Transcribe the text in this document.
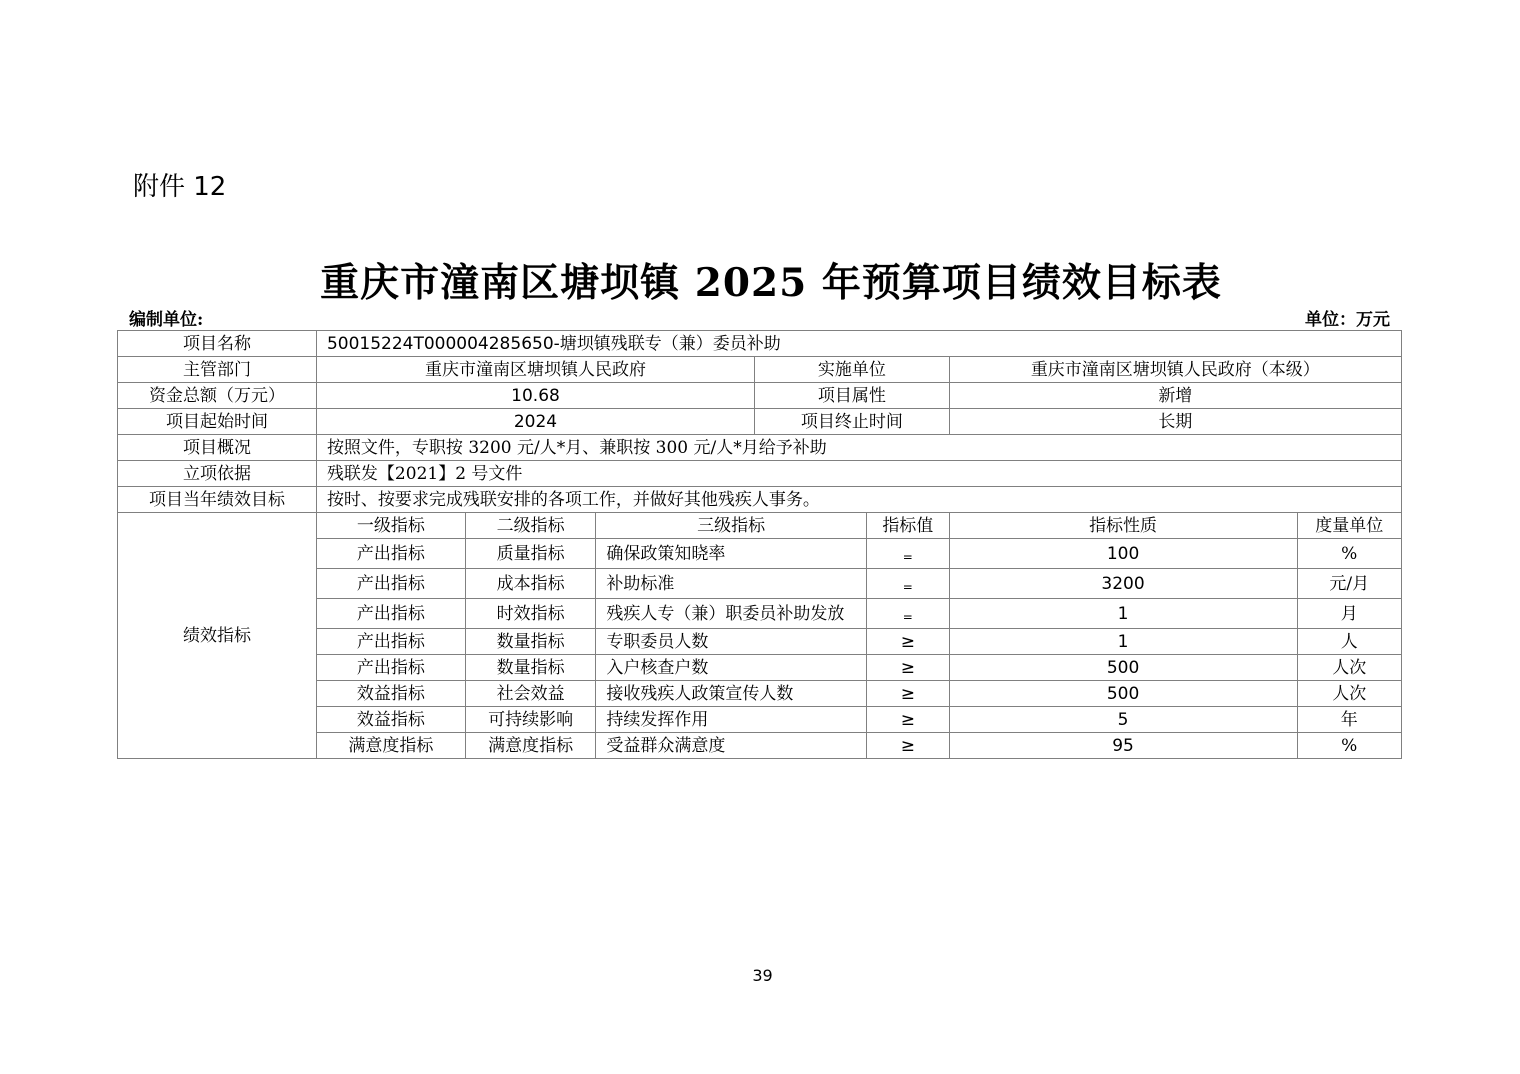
附件 12
重庆市潼南区塘坝镇 2025 年预算项目绩效目标表
编制单位:	单位：万元
项目名称	50015224T000004285650-塘坝镇残联专（兼）委员补助						
主管部门	重庆市潼南区塘坝镇人民政府			实施单位		重庆市潼南区塘坝镇人民政府（本级）	
资金总额（万元）	10.68			项目属性		新增	
项目起始时间	2024			项目终止时间		长期	
项目概况	按照文件，专职按 3200 元/人*月、兼职按 300 元/人*月给予补助						
立项依据	残联发【2021】2 号文件						
项目当年绩效目标	按时、按要求完成残联安排的各项工作，并做好其他残疾人事务。						
绩效指标	一级指标	二级指标	三级指标		指标值	指标性质	度量单位
	产出指标	质量指标	确保政策知晓率		$_=$	100	%
	产出指标	成本指标	补助标准		$_=$	3200	元/月
	产出指标	时效指标	残疾人专（兼）职委员补助发放		$_=$	1	月
	产出指标	数量指标	专职委员人数		≥	1	人
	产出指标	数量指标	入户核查户数		≥	500	人次
	效益指标	社会效益	接收残疾人政策宣传人数		≥	500	人次
	效益指标	可持续影响	持续发挥作用		≥	5	年
	满意度指标	满意度指标	受益群众满意度		≥	95	%
39
